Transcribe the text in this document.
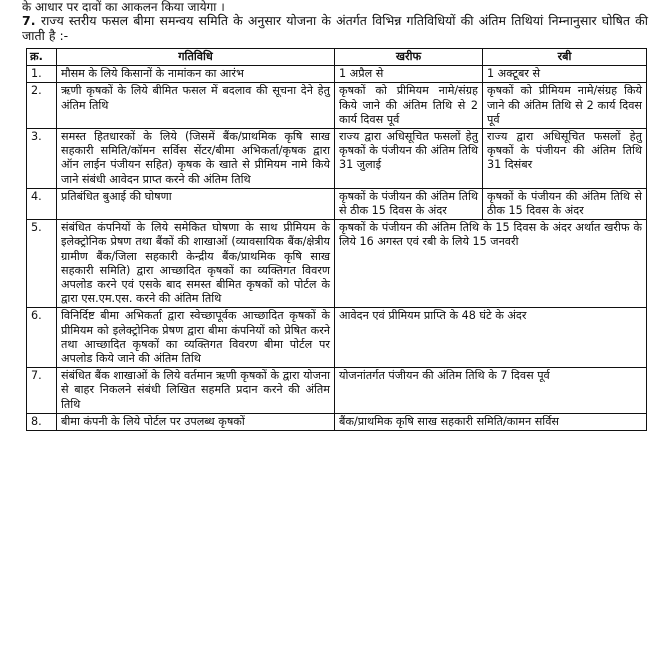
के आधार पर दावों का आकलन किया जायेगा ।
7. राज्य स्तरीय फसल बीमा समन्वय समिति के अनुसार योजना के अंतर्गत विभिन्न गतिविधियों की अंतिम तिथियां निम्नानुसार घोषित की जाती है :-
क्र.	गतिविधि	खरीफ	रबी
1.	मौसम के लिये किसानों के नामांकन का आरंभ	1 अप्रैल से	1 अक्टूबर से
2.	ऋणी कृषकों के लिये बीमित फसल में बदलाव की सूचना देने हेतु अंतिम तिथि	कृषकों को प्रीमियम नामे/संग्रह किये जाने की अंतिम तिथि से 2 कार्य दिवस पूर्व	कृषकों को प्रीमियम नामे/संग्रह किये जाने की अंतिम तिथि से 2 कार्य दिवस पूर्व
3.	समस्त हितधारकों के लिये (जिसमें बैंक/प्राथमिक कृषि साख सहकारी समिति/कॉमन सर्विस सेंटर/बीमा अभिकर्ता/कृषक द्वारा ऑन लाईन पंजीयन सहित) कृषक के खाते से प्रीमियम नामे किये जाने संबंधी आवेदन प्राप्त करने की अंतिम तिथि	राज्य द्वारा अधिसूचित फसलों हेतु कृषकों के पंजीयन की अंतिम तिथि 31 जुलाई	राज्य द्वारा अधिसूचित फसलों हेतु कृषकों के पंजीयन की अंतिम तिथि 31 दिसंबर
4.	प्रतिबंधित बुआई की घोषणा	कृषकों के पंजीयन की अंतिम तिथि से ठीक 15 दिवस के अंदर	कृषकों के पंजीयन की अंतिम तिथि से ठीक 15 दिवस के अंदर
5.	संबंधित कंपनियों के लिये समेकित घोषणा के साथ प्रीमियम के इलेक्ट्रोनिक प्रेषण तथा बैंकों की शाखाओं (व्यावसायिक बैंक/क्षेत्रीय ग्रामीण बैंक/जिला सहकारी केन्द्रीय बैंक/प्राथमिक कृषि साख सहकारी समिति) द्वारा आच्छादित कृषकों का व्यक्तिगत विवरण अपलोड करने एवं एसके बाद समस्त बीमित कृषकों को पोर्टल के द्वारा एस.एम.एस. करने की अंतिम तिथि	कृषकों के पंजीयन की अंतिम तिथि के 15 दिवस के अंदर अर्थात खरीफ के लिये 16 अगस्त एवं रबी के लिये 15 जनवरी	
6.	विनिर्दिष्ट बीमा अभिकर्ता द्वारा स्वेच्छापूर्वक आच्छादित कृषकों के प्रीमियम को इलेक्ट्रोनिक प्रेषण द्वारा बीमा कंपनियों को प्रेषित करने तथा आच्छादित कृषकों का व्यक्तिगत विवरण बीमा पोर्टल पर अपलोड किये जाने की अंतिम तिथि	आवेदन एवं प्रीमियम प्राप्ति के 48 घंटे के अंदर	
7.	संबंधित बैंक शाखाओं के लिये वर्तमान ऋणी कृषकों के द्वारा योजना से बाहर निकलने संबंधी लिखित सहमति प्रदान करने की अंतिम तिथि	योजनांतर्गत पंजीयन की अंतिम तिथि के 7 दिवस पूर्व	
8.	बीमा कंपनी के लिये पोर्टल पर उपलब्ध कृषकों	बैंक/प्राथमिक कृषि साख सहकारी समिति/कामन सर्विस	
